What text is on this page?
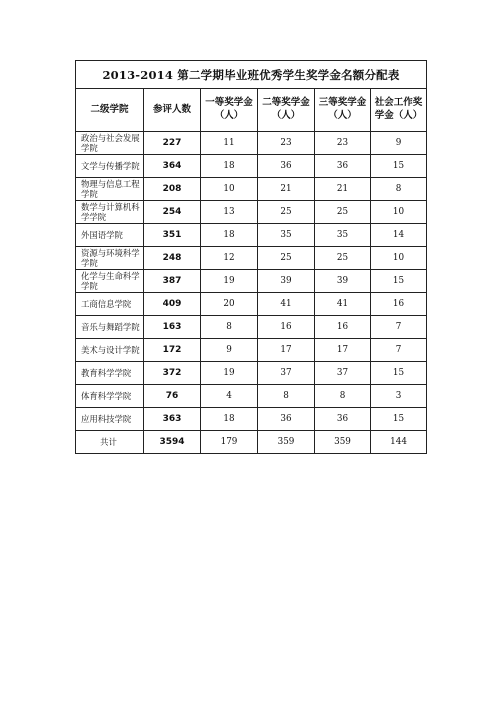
2013-2014 第二学期毕业班优秀学生奖学金名额分配表					
二级学院	参评人数	一等奖学金（人）	二等奖学金（人）	三等奖学金（人）	社会工作奖学金（人）
政治与社会发展学院	227	11	23	23	9
文学与传播学院	364	18	36	36	15
物理与信息工程学院	208	10	21	21	8
数学与计算机科学学院	254	13	25	25	10
外国语学院	351	18	35	35	14
资源与环境科学学院	248	12	25	25	10
化学与生命科学学院	387	19	39	39	15
工商信息学院	409	20	41	41	16
音乐与舞蹈学院	163	8	16	16	7
美术与设计学院	172	9	17	17	7
教育科学学院	372	19	37	37	15
体育科学学院	76	4	8	8	3
应用科技学院	363	18	36	36	15
共计	3594	179	359	359	144
